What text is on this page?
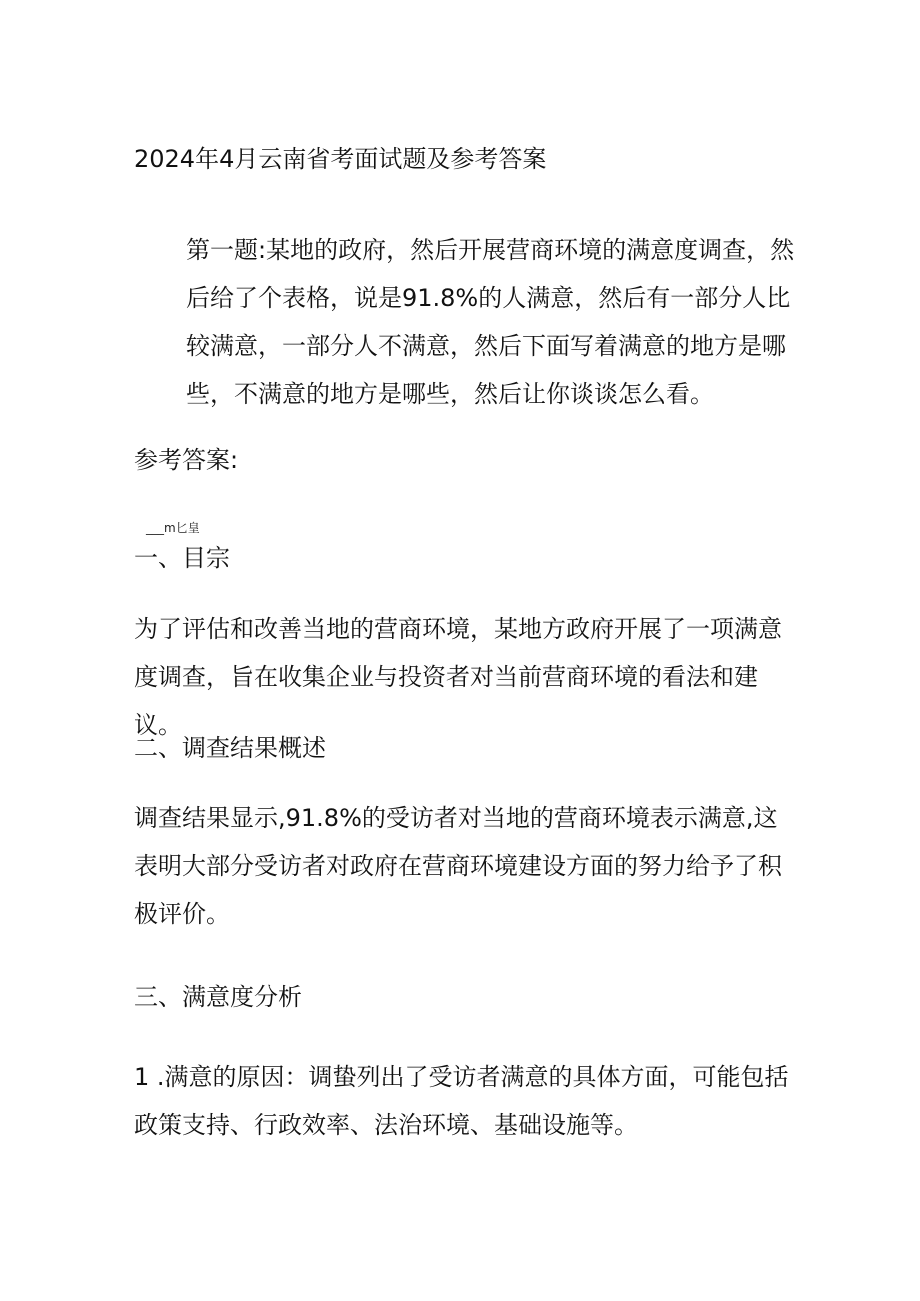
2024年4月云南省考面试题及参考答案
第一题:某地的政府，然后开展营商环境的满意度调查，然后给了个表格，说是91.8%的人满意，然后有一部分人比较满意，一部分人不满意，然后下面写着满意的地方是哪些，不满意的地方是哪些，然后让你谈谈怎么看。
参考答案:
___m匕皇
一、目宗
为了评估和改善当地的营商环境，某地方政府开展了一项满意度调查，旨在收集企业与投资者对当前营商环境的看法和建议。
二、调查结果概述
调查结果显示,91.8%的受访者对当地的营商环境表示满意,这表明大部分受访者对政府在营商环境建设方面的努力给予了积极评价。
三、满意度分析
1 .满意的原因：调蛰列出了受访者满意的具体方面，可能包括政策支持、行政效率、法治环境、基础设施等。
